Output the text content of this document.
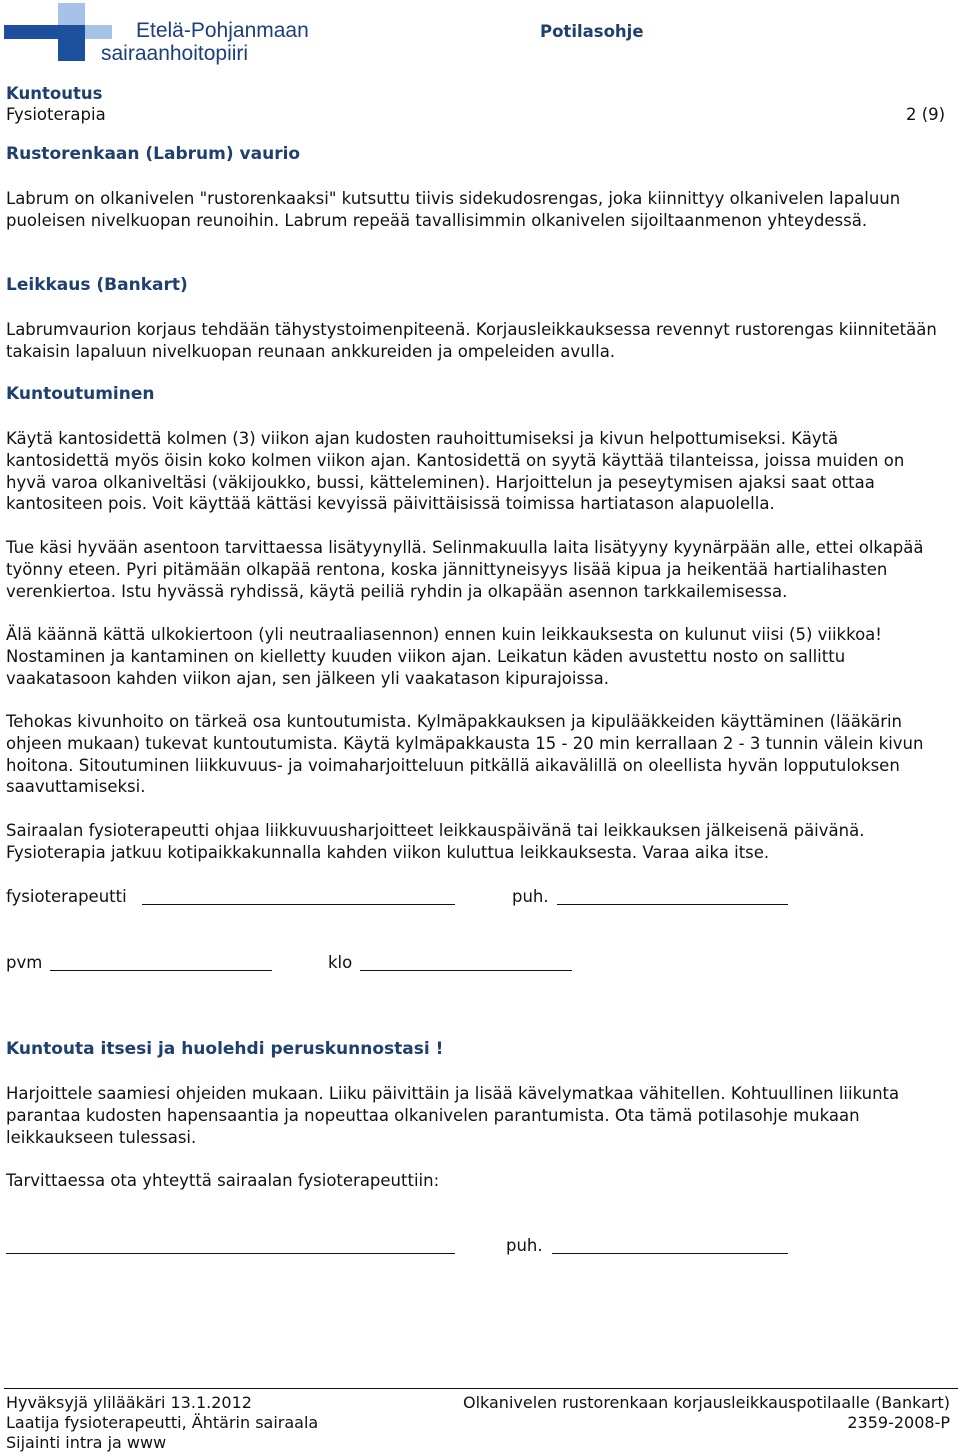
Etelä-Pohjanmaan
sairaanhoitopiiri
Potilasohje
Kuntoutus
Fysioterapia	2 (9)
Rustorenkaan (Labrum) vaurio

Labrum on olkanivelen "rustorenkaaksi" kutsuttu tiivis sidekudosrengas, joka kiinnittyy olkanivelen lapaluun puoleisen nivelkuopan reunoihin. Labrum repeää tavallisimmin olkanivelen sijoiltaanmenon yhteydessä.

Leikkaus (Bankart)

Labrumvaurion korjaus tehdään tähystystoimenpiteenä. Korjausleikkauksessa revennyt rustorengas kiinnitetään takaisin lapaluun nivelkuopan reunaan ankkureiden ja ompeleiden avulla.

Kuntoutuminen

Käytä kantosidettä kolmen (3) viikon ajan kudosten rauhoittumiseksi ja kivun helpottumiseksi. Käytä kantosidettä myös öisin koko kolmen viikon ajan. Kantosidettä on syytä käyttää tilanteissa, joissa muiden on hyvä varoa olkaniveltäsi (väkijoukko, bussi, kätteleminen). Harjoittelun ja peseytymisen ajaksi saat ottaa kantositeen pois. Voit käyttää kättäsi kevyissä päivittäisissä toimissa hartiatason alapuolella.

Tue käsi hyvään asentoon tarvittaessa lisätyynyllä. Selinmakuulla laita lisätyyny kyynärpään alle, ettei olkapää työnny eteen. Pyri pitämään olkapää rentona, koska jännittyneisyys lisää kipua ja heikentää hartialihasten verenkiertoa. Istu hyvässä ryhdissä, käytä peiliä ryhdin ja olkapään asennon tarkkailemisessa.

Älä käännä kättä ulkokiertoon (yli neutraaliasennon) ennen kuin leikkauksesta on kulunut viisi (5) viikkoa! Nostaminen ja kantaminen on kielletty kuuden viikon ajan. Leikatun käden avustettu nosto on sallittu vaakatasoon kahden viikon ajan, sen jälkeen yli vaakatason kipurajoissa.

Tehokas kivunhoito on tärkeä osa kuntoutumista. Kylmäpakkauksen ja kipulääkkeiden käyttäminen (lääkärin ohjeen mukaan) tukevat kuntoutumista. Käytä kylmäpakkausta 15 - 20 min kerrallaan 2 - 3 tunnin välein kivun hoitona. Sitoutuminen liikkuvuus- ja voimaharjoitteluun pitkällä aikavälillä on oleellista hyvän lopputuloksen saavuttamiseksi.

Sairaalan fysioterapeutti ohjaa liikkuvuusharjoitteet leikkauspäivänä tai leikkauksen jälkeisenä päivänä. Fysioterapia jatkuu kotipaikkakunnalla kahden viikon kuluttua leikkauksesta. Varaa aika itse.

fysioterapeutti	puh.
pvm	klo
Kuntouta itsesi ja huolehdi peruskunnostasi !

Harjoittele saamiesi ohjeiden mukaan. Liiku päivittäin ja lisää kävelymatkaa vähitellen. Kohtuullinen liikunta parantaa kudosten hapensaantia ja nopeuttaa olkanivelen parantumista. Ota tämä potilasohje mukaan leikkaukseen tulessasi.

Tarvittaessa ota yhteyttä sairaalan fysioterapeuttiin:

puh.
Hyväksyjä ylilääkäri 13.1.2012
Laatija fysioterapeutti, Ähtärin sairaala
Sijainti intra ja www
Olkanivelen rustorenkaan korjausleikkauspotilaalle (Bankart)
2359-2008-P
